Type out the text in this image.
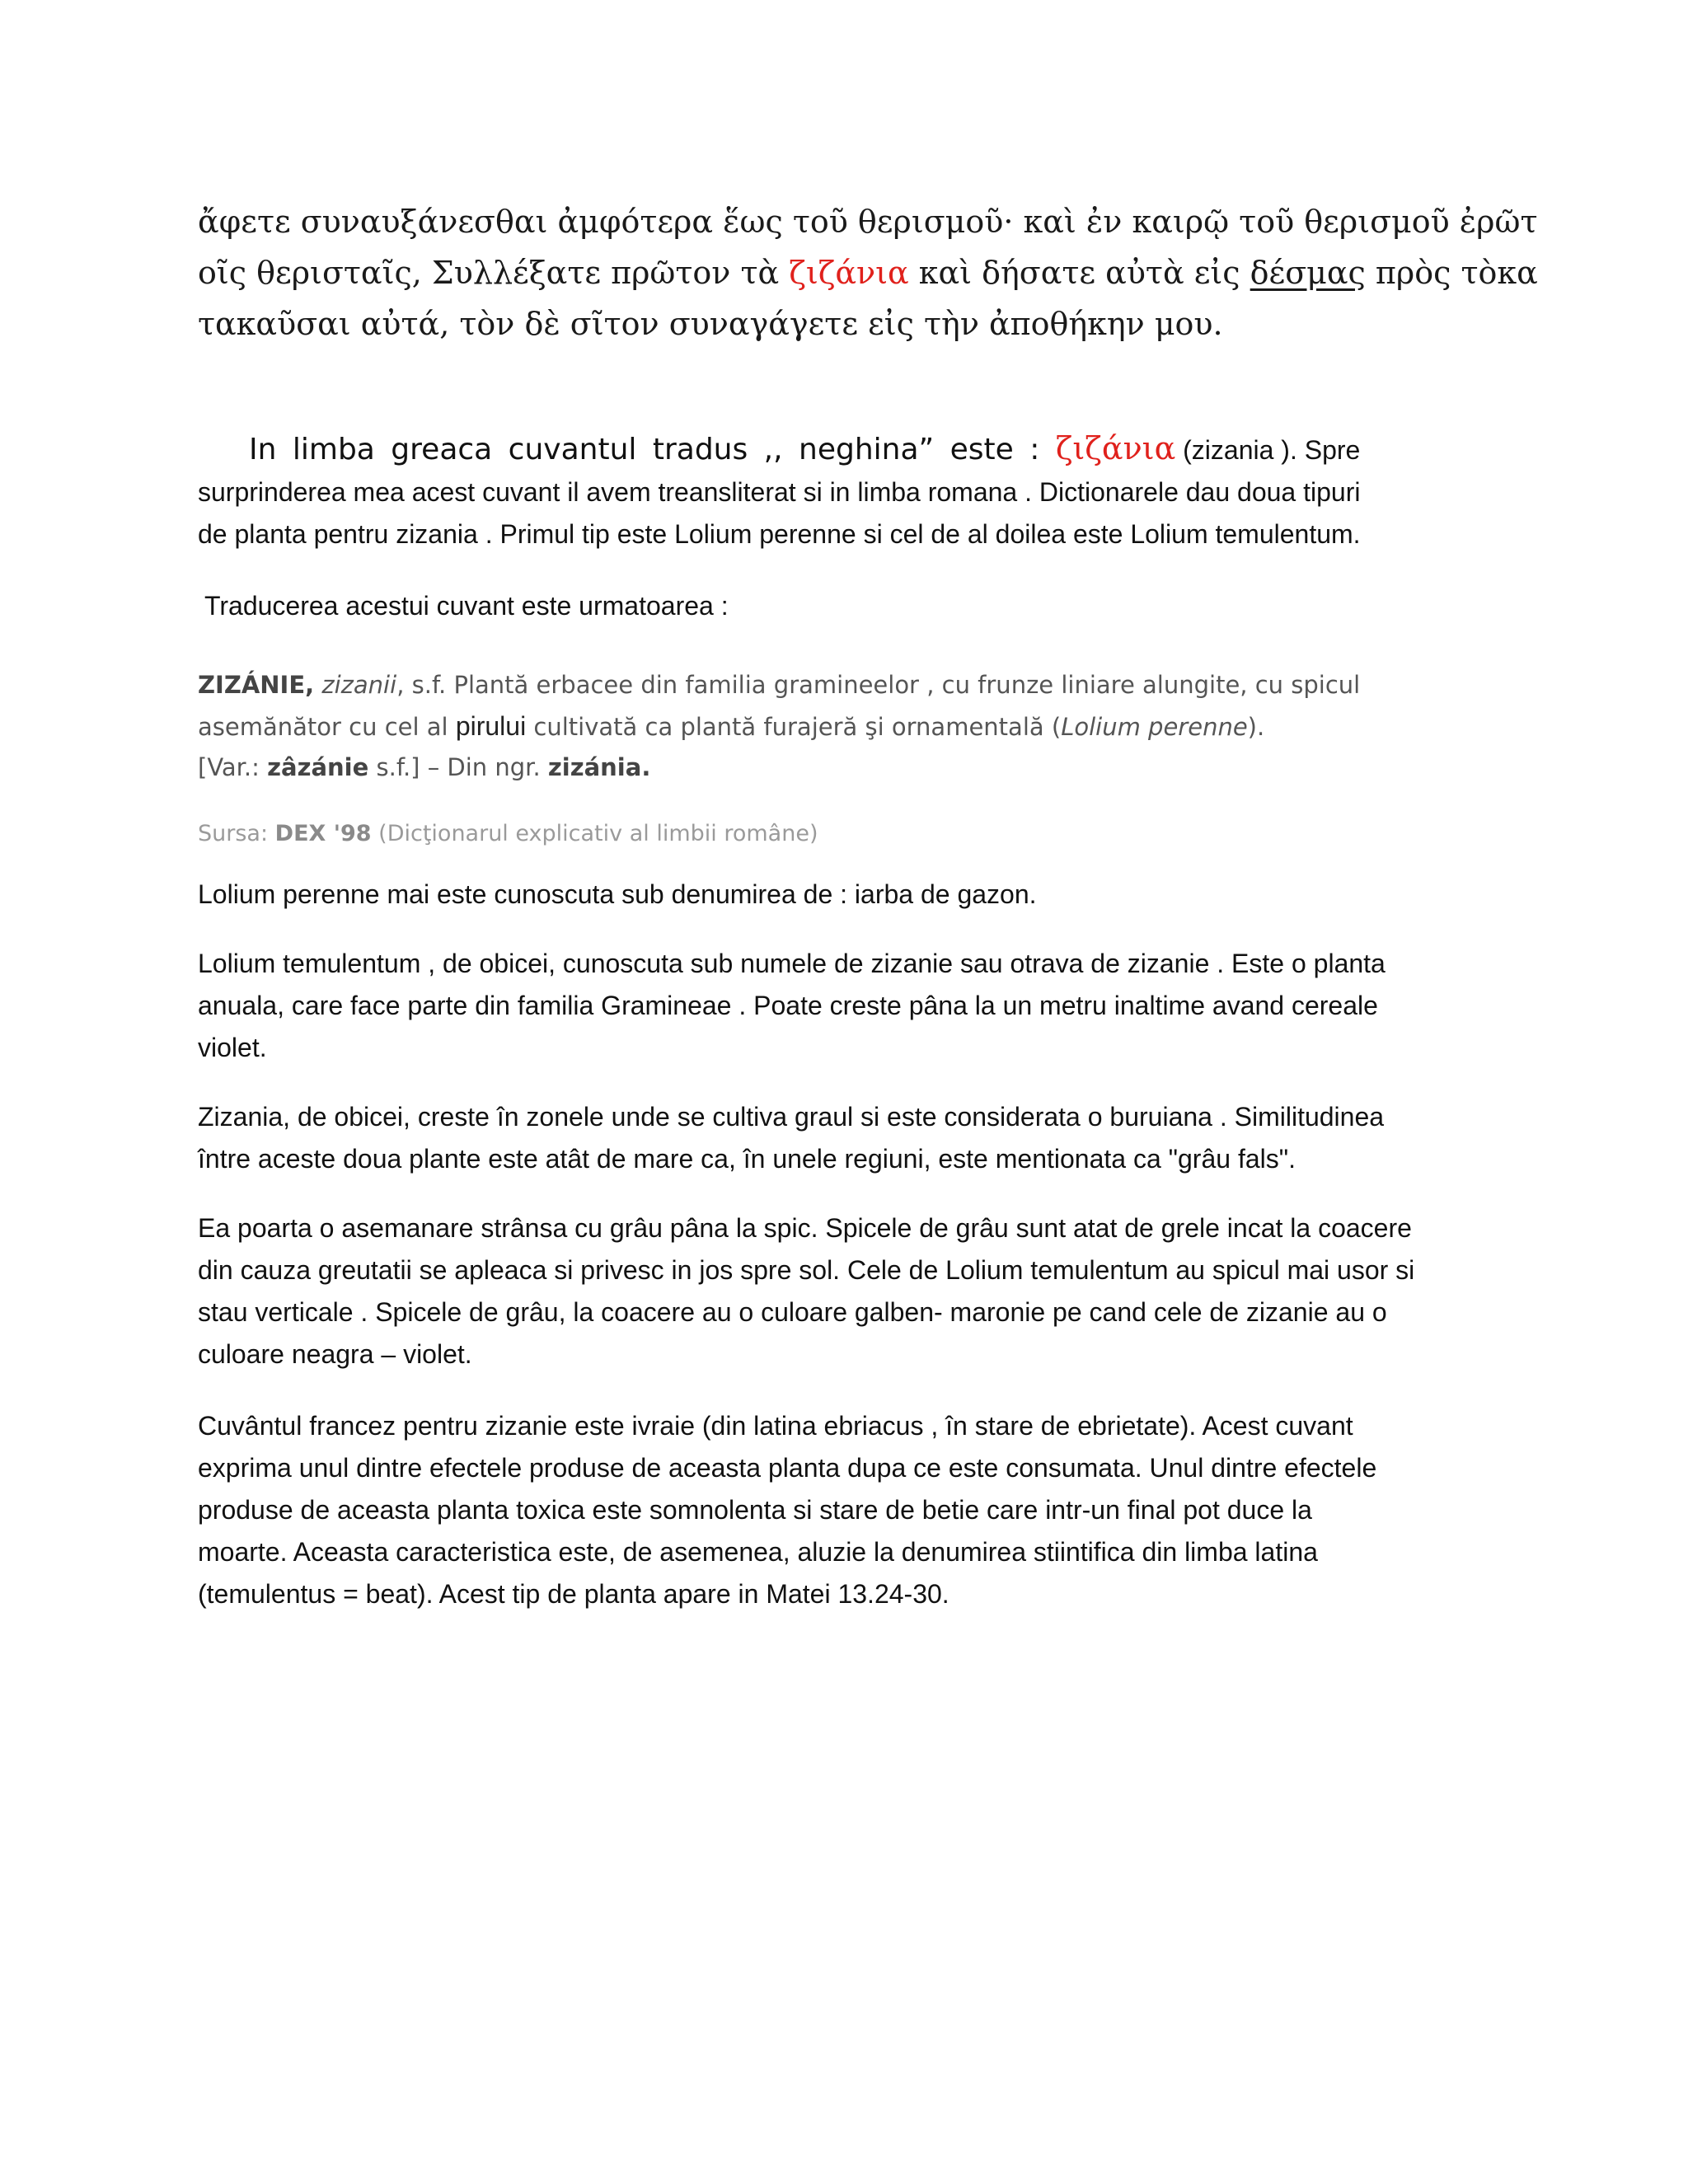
ἄφετε συναυξάνεσθαι ἀμφότερα ἕως τοῦ θερισμοῦ· καὶ ἐν καιρῷ τοῦ θερισμοῦ ἐρῶτ
οῖς θερισταῖς, Συλλέξατε πρῶτον τὰ ζιζάνια καὶ δήσατε αὐτὰ εἰς δέσμας πρὸς τὸκα
τακαῦσαι αὐτά, τὸν δὲ σῖτον συναγάγετε εἰς τὴν ἀποθήκην μου.
In limba greaca cuvantul tradus ,, neghina” este : ζιζάνια (zizania ). Spre
surprinderea mea acest cuvant il avem treansliterat si in limba romana . Dictionarele dau doua tipuri
de planta pentru zizania . Primul tip este Lolium perenne si cel de al doilea este Lolium temulentum.
Traducerea acestui cuvant este urmatoarea :
ZIZÁNIE, zizanii, s.f. Plantă erbacee din familia gramineelor , cu frunze liniare alungite, cu spicul
asemănător cu cel al pirului cultivată ca plantă furajeră şi ornamentală (Lolium perenne).
[Var.: zâzánie s.f.] – Din ngr. zizánia.
Sursa: DEX '98 (Dicţionarul explicativ al limbii române)
Lolium perenne mai este cunoscuta sub denumirea de : iarba de gazon.
Lolium temulentum , de obicei, cunoscuta sub numele de zizanie sau otrava de zizanie . Este o planta
anuala, care face parte din familia Gramineae . Poate creste pâna la un metru inaltime avand cereale
violet.
Zizania, de obicei, creste în zonele unde se cultiva graul si este considerata o buruiana . Similitudinea
între aceste doua plante este atât de mare ca, în unele regiuni, este mentionata ca "grâu fals".
Ea poarta o asemanare strânsa cu grâu pâna la spic. Spicele de grâu sunt atat de grele incat la coacere
din cauza greutatii se apleaca si privesc in jos spre sol. Cele de Lolium temulentum au spicul mai usor si
stau verticale . Spicele de grâu, la coacere au o culoare galben- maronie pe cand cele de zizanie au o
culoare neagra – violet.
Cuvântul francez pentru zizanie este ivraie (din latina ebriacus , în stare de ebrietate). Acest cuvant
exprima unul dintre efectele produse de aceasta planta dupa ce este consumata. Unul dintre efectele
produse de aceasta planta toxica este somnolenta si stare de betie care intr-un final pot duce la
moarte. Aceasta caracteristica este, de asemenea, aluzie la denumirea stiintifica din limba latina
(temulentus = beat). Acest tip de planta apare in Matei 13.24-30.
